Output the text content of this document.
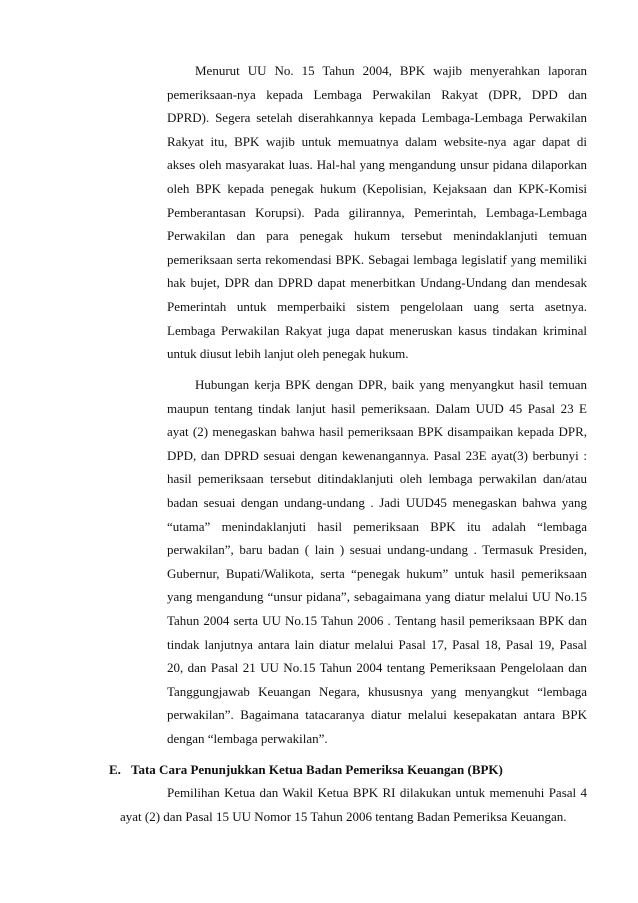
Menurut UU No. 15 Tahun 2004, BPK wajib menyerahkan laporan
pemeriksaan-nya kepada Lembaga Perwakilan Rakyat (DPR, DPD dan
DPRD). Segera setelah diserahkannya kepada Lembaga-Lembaga Perwakilan
Rakyat itu, BPK wajib untuk memuatnya dalam website-nya agar dapat di
akses oleh masyarakat luas. Hal-hal yang mengandung unsur pidana dilaporkan
oleh BPK kepada penegak hukum (Kepolisian, Kejaksaan dan KPK-Komisi
Pemberantasan Korupsi). Pada gilirannya, Pemerintah, Lembaga-Lembaga
Perwakilan dan para penegak hukum tersebut menindaklanjuti temuan
pemeriksaan serta rekomendasi BPK. Sebagai lembaga legislatif yang memiliki
hak bujet, DPR dan DPRD dapat menerbitkan Undang-Undang dan mendesak
Pemerintah untuk memperbaiki sistem pengelolaan uang serta asetnya.
Lembaga Perwakilan Rakyat juga dapat meneruskan kasus tindakan kriminal
untuk diusut lebih lanjut oleh penegak hukum.
Hubungan kerja BPK dengan DPR, baik yang menyangkut hasil temuan
maupun tentang tindak lanjut hasil pemeriksaan. Dalam UUD 45 Pasal 23 E
ayat (2) menegaskan bahwa hasil pemeriksaan BPK disampaikan kepada DPR,
DPD, dan DPRD sesuai dengan kewenangannya. Pasal 23E ayat(3) berbunyi :
hasil pemeriksaan tersebut ditindaklanjuti oleh lembaga perwakilan dan/atau
badan sesuai dengan undang-undang . Jadi UUD45 menegaskan bahwa yang
“utama” menindaklanjuti hasil pemeriksaan BPK itu adalah “lembaga
perwakilan”, baru badan ( lain ) sesuai undang-undang . Termasuk Presiden,
Gubernur, Bupati/Walikota, serta “penegak hukum” untuk hasil pemeriksaan
yang mengandung “unsur pidana”, sebagaimana yang diatur melalui UU No.15
Tahun 2004 serta UU No.15 Tahun 2006 . Tentang hasil pemeriksaan BPK dan
tindak lanjutnya antara lain diatur melalui Pasal 17, Pasal 18, Pasal 19, Pasal
20, dan Pasal 21 UU No.15 Tahun 2004 tentang Pemeriksaan Pengelolaan dan
Tanggungjawab Keuangan Negara, khususnya yang menyangkut “lembaga
perwakilan”. Bagaimana tatacaranya diatur melalui kesepakatan antara BPK
dengan “lembaga perwakilan”.
E. Tata Cara Penunjukkan Ketua Badan Pemeriksa Keuangan (BPK)
Pemilihan Ketua dan Wakil Ketua BPK RI dilakukan untuk memenuhi Pasal 4
ayat (2) dan Pasal 15 UU Nomor 15 Tahun 2006 tentang Badan Pemeriksa Keuangan.
